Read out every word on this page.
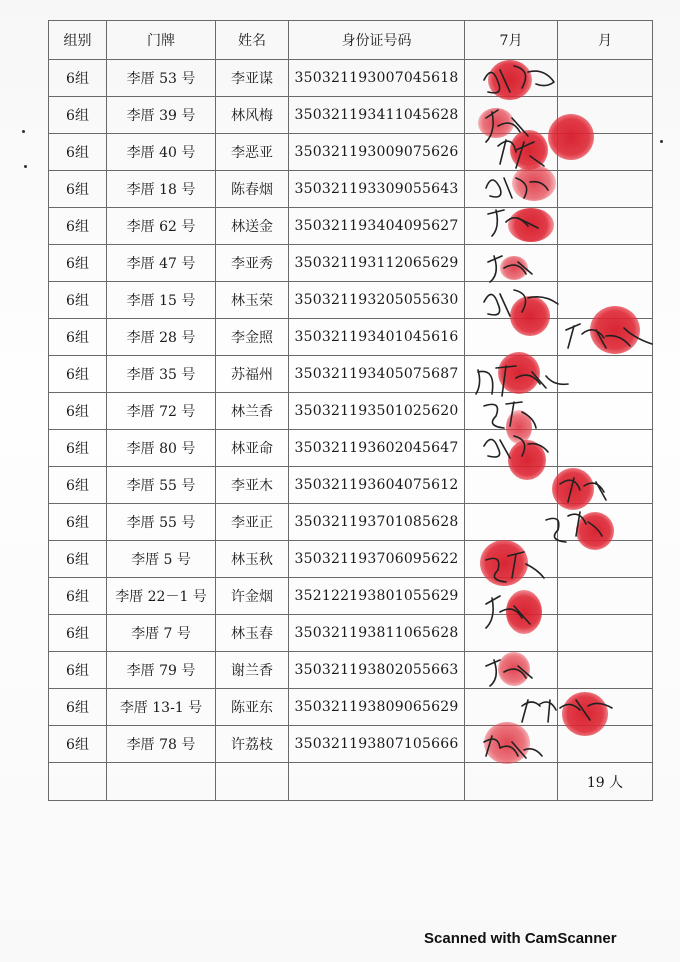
组别	门牌	姓名	身份证号码	7月	月
6组	李厝 53 号	李亚谋	350321193007045618		
6组	李厝 39 号	林风梅	350321193411045628		
6组	李厝 40 号	李恶亚	350321193009075626		
6组	李厝 18 号	陈春烟	350321193309055643		
6组	李厝 62 号	林送金	350321193404095627		
6组	李厝 47 号	李亚秀	350321193112065629		
6组	李厝 15 号	林玉荣	350321193205055630		
6组	李厝 28 号	李金照	350321193401045616		
6组	李厝 35 号	苏福州	350321193405075687		
6组	李厝 72 号	林兰香	350321193501025620		
6组	李厝 80 号	林亚命	350321193602045647		
6组	李厝 55 号	李亚木	350321193604075612		
6组	李厝 55 号	李亚正	350321193701085628		
6组	李厝 5 号	林玉秋	350321193706095622		
6组	李厝 22－1 号	许金烟	352122193801055629		
6组	李厝 7 号	林玉春	350321193811065628		
6组	李厝 79 号	谢兰香	350321193802055663		
6组	李厝 13-1 号	陈亚东	350321193809065629		
6组	李厝 78 号	许荔枝	350321193807105666		
					19 人
Scanned with CamScanner
